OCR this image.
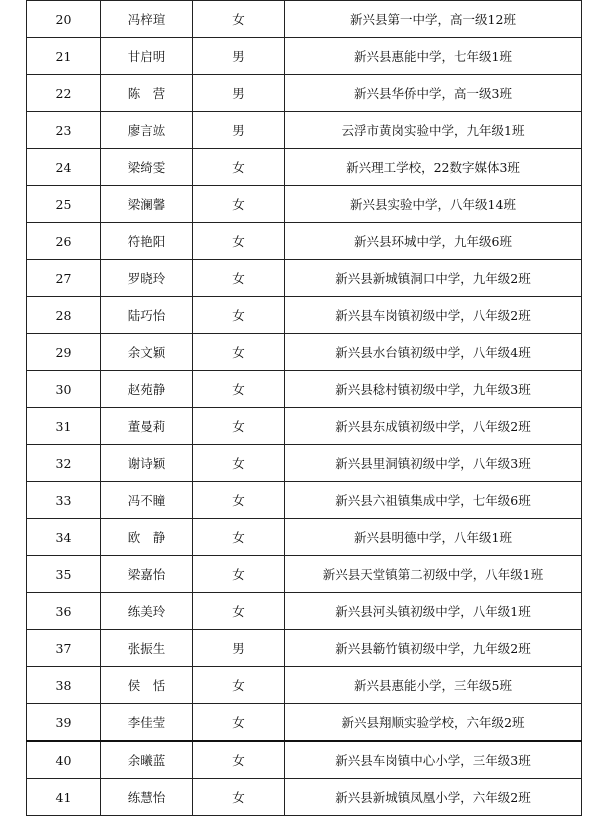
20	冯梓瑄	女	新兴县第一中学，高一级12班
21	甘启明	男	新兴县惠能中学，七年级1班
22	陈　营	男	新兴县华侨中学，高一级3班
23	廖言竑	男	云浮市黄岗实验中学，九年级1班
24	梁绮雯	女	新兴理工学校，22数字媒体3班
25	梁澜馨	女	新兴县实验中学，八年级14班
26	符艳阳	女	新兴县环城中学，九年级6班
27	罗晓玲	女	新兴县新城镇洞口中学，九年级2班
28	陆巧怡	女	新兴县车岗镇初级中学，八年级2班
29	余文颖	女	新兴县水台镇初级中学，八年级4班
30	赵苑静	女	新兴县稔村镇初级中学，九年级3班
31	董曼莉	女	新兴县东成镇初级中学，八年级2班
32	谢诗颖	女	新兴县里洞镇初级中学，八年级3班
33	冯不瞳	女	新兴县六祖镇集成中学，七年级6班
34	欧　静	女	新兴县明德中学，八年级1班
35	梁嘉怡	女	新兴县天堂镇第二初级中学，八年级1班
36	练美玲	女	新兴县河头镇初级中学，八年级1班
37	张振生	男	新兴县簕竹镇初级中学，九年级2班
38	侯　恬	女	新兴县惠能小学，三年级5班
39	李佳莹	女	新兴县翔顺实验学校，六年级2班
40	余曦蓝	女	新兴县车岗镇中心小学，三年级3班
41	练慧怡	女	新兴县新城镇凤凰小学，六年级2班
